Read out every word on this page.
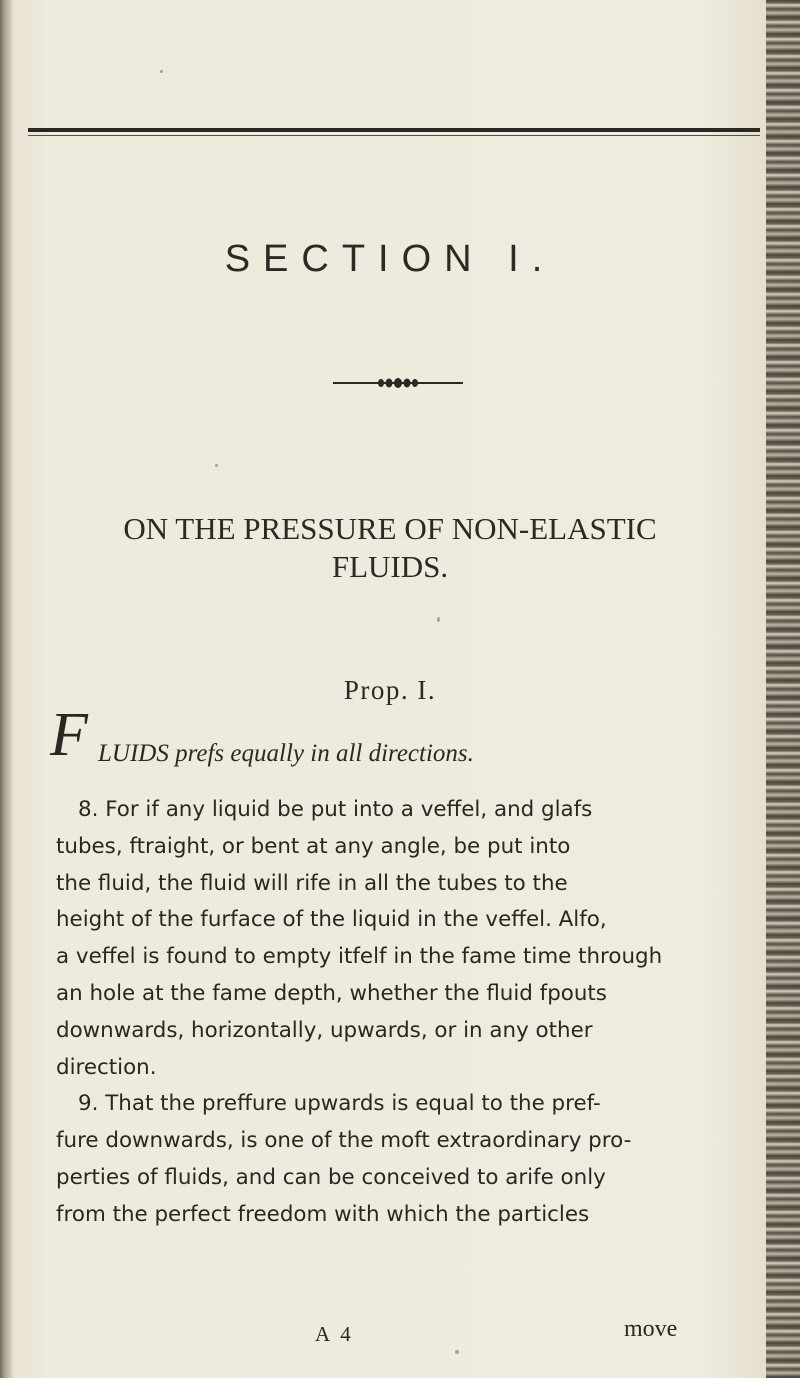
SECTION I.
ON THE PRESSURE OF NON-ELASTIC
FLUIDS.
Prop. I.
F LUIDS prefs equally in all directions.
8. For if any liquid be put into a veffel, and glafs
tubes, ftraight, or bent at any angle, be put into
the fluid, the fluid will rife in all the tubes to the
height of the furface of the liquid in the veffel. Alfo,
a veffel is found to empty itfelf in the fame time through
an hole at the fame depth, whether the fluid fpouts
downwards, horizontally, upwards, or in any other
direction.
9. That the preffure upwards is equal to the pref-
fure downwards, is one of the moft extraordinary pro-
perties of fluids, and can be conceived to arife only
from the perfect freedom with which the particles
A 4	move
